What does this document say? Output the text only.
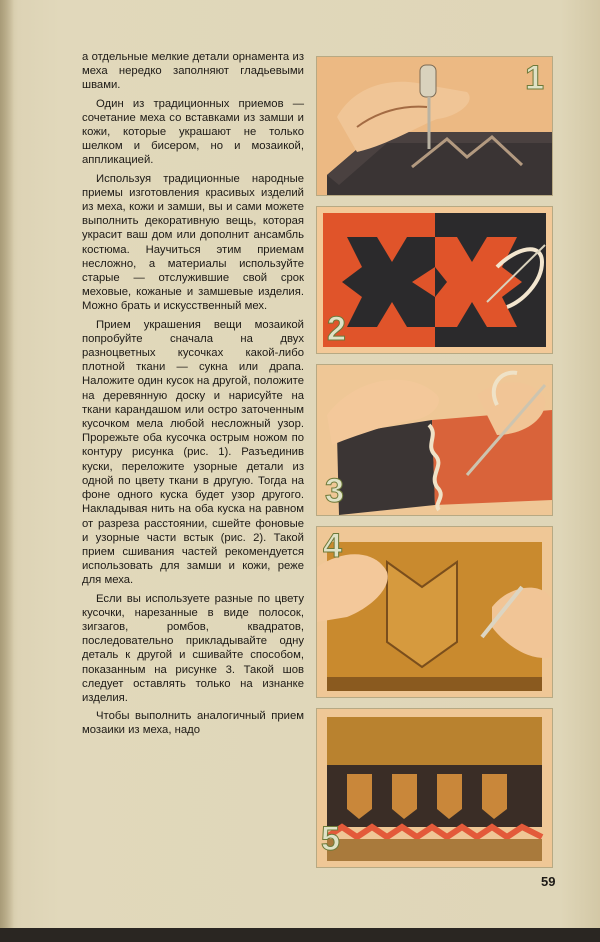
а отдельные мелкие детали орнамента из меха нередко заполняют гладьевыми швами.

Один из традиционных приемов — сочетание меха со вставками из замши и кожи, которые украшают не только шелком и бисером, но и мозаикой, аппликацией.

Используя традиционные народные приемы изготовления красивых изделий из меха, кожи и замши, вы и сами можете выполнить декоративную вещь, которая украсит ваш дом или дополнит ансамбль костюма. Научиться этим приемам несложно, а материалы используйте старые — отслужившие свой срок меховые, кожаные и замшевые изделия. Можно брать и искусственный мех.

Прием украшения вещи мозаикой попробуйте сначала на двух разноцветных кусочках какой-либо плотной ткани — сукна или драпа. Наложите один кусок на другой, положите на деревянную доску и нарисуйте на ткани карандашом или остро заточенным кусочком мела любой несложный узор. Прорежьте оба кусочка острым ножом по контуру рисунка (рис. 1). Разъединив куски, переложите узорные детали из одной по цвету ткани в другую. Тогда на фоне одного куска будет узор другого. Накладывая нить на оба куска на равном от разреза расстоянии, сшейте фоновые и узорные части встык (рис. 2). Такой прием сшивания частей рекомендуется использовать для замши и кожи, реже для меха.

Если вы используете разные по цвету кусочки, нарезанные в виде полосок, зигзагов, ромбов, квадратов, последовательно прикладывайте одну деталь к другой и сшивайте способом, показанным на рисунке 3. Такой шов следует оставлять только на изнанке изделия.

Чтобы выполнить аналогичный прием мозаики из меха, надо

1
2
3
4
5
59
